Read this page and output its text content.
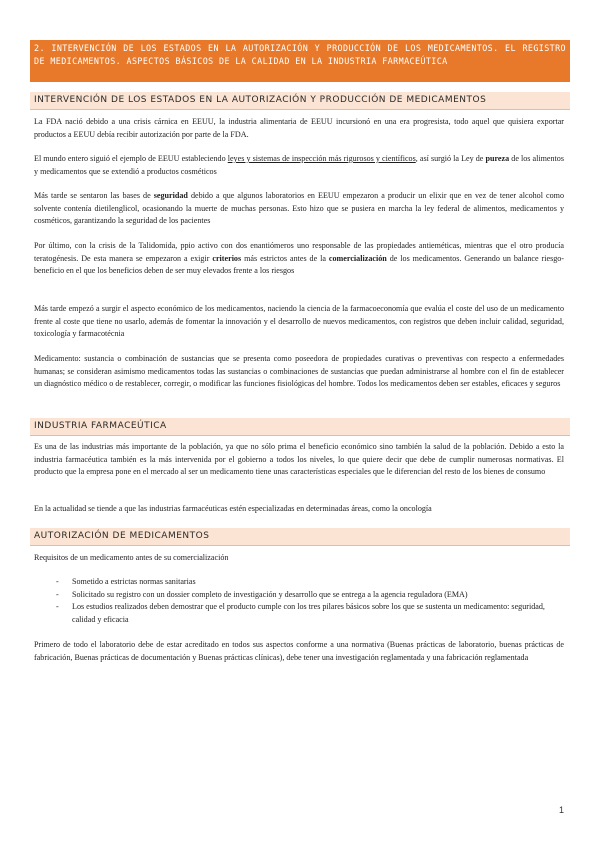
2. INTERVENCIÓN DE LOS ESTADOS EN LA AUTORIZACIÓN Y PRODUCCIÓN DE LOS MEDICAMENTOS. EL REGISTRO DE MEDICAMENTOS. ASPECTOS BÁSICOS DE LA CALIDAD EN LA INDUSTRIA FARMACEÚTICA
INTERVENCIÓN DE LOS ESTADOS EN LA AUTORIZACIÓN Y PRODUCCIÓN DE MEDICAMENTOS

La FDA nació debido a una crisis cárnica en EEUU, la industria alimentaria de EEUU incursionó en una era progresista, todo aquel que quisiera exportar productos a EEUU debía recibir autorización por parte de la FDA.

El mundo entero siguió el ejemplo de EEUU estableciendo leyes y sistemas de inspección más rigurosos y científicos, así surgió la Ley de pureza de los alimentos y medicamentos que se extendió a productos cosméticos

Más tarde se sentaron las bases de seguridad debido a que algunos laboratorios en EEUU empezaron a producir un elixir que en vez de tener alcohol como solvente contenía dietilenglicol, ocasionando la muerte de muchas personas. Esto hizo que se pusiera en marcha la ley federal de alimentos, medicamentos y cosméticos, garantizando la seguridad de los pacientes

Por último, con la crisis de la Talidomida, ppio activo con dos enantiómeros uno responsable de las propiedades antieméticas, mientras que el otro producía teratogénesis. De esta manera se empezaron a exigir criterios más estrictos antes de la comercialización de los medicamentos. Generando un balance riesgo-beneficio en el que los beneficios deben de ser muy elevados frente a los riesgos

Más tarde empezó a surgir el aspecto económico de los medicamentos, naciendo la ciencia de la farmacoeconomía que evalúa el coste del uso de un medicamento frente al coste que tiene no usarlo, además de fomentar la innovación y el desarrollo de nuevos medicamentos, con registros que deben incluir calidad, seguridad, toxicología y farmacotécnia

Medicamento: sustancia o combinación de sustancias que se presenta como poseedora de propiedades curativas o preventivas con respecto a enfermedades humanas; se consideran asimismo medicamentos todas las sustancias o combinaciones de sustancias que puedan administrarse al hombre con el fin de establecer un diagnóstico médico o de restablecer, corregir, o modificar las funciones fisiológicas del hombre. Todos los medicamentos deben ser estables, eficaces y seguros

INDUSTRIA FARMACEÚTICA

Es una de las industrias más importante de la población, ya que no sólo prima el beneficio económico sino también la salud de la población. Debido a esto la industria farmacéutica también es la más intervenida por el gobierno a todos los niveles, lo que quiere decir que debe de cumplir numerosas normativas. El producto que la empresa pone en el mercado al ser un medicamento tiene unas características especiales que le diferencian del resto de los bienes de consumo

En la actualidad se tiende a que las industrias farmacéuticas estén especializadas en determinadas áreas, como la oncología

AUTORIZACIÓN DE MEDICAMENTOS

Requisitos de un medicamento antes de su comercialización

- Sometido a estrictas normas sanitarias
- Solicitado su registro con un dossier completo de investigación y desarrollo que se entrega a la agencia reguladora (EMA)
- Los estudios realizados deben demostrar que el producto cumple con los tres pilares básicos sobre los que se sustenta un medicamento: seguridad, calidad y eficacia

Primero de todo el laboratorio debe de estar acreditado en todos sus aspectos conforme a una normativa (Buenas prácticas de laboratorio, buenas prácticas de fabricación, Buenas prácticas de documentación y Buenas prácticas clínicas), debe tener una investigación reglamentada y una fabricación reglamentada

1
